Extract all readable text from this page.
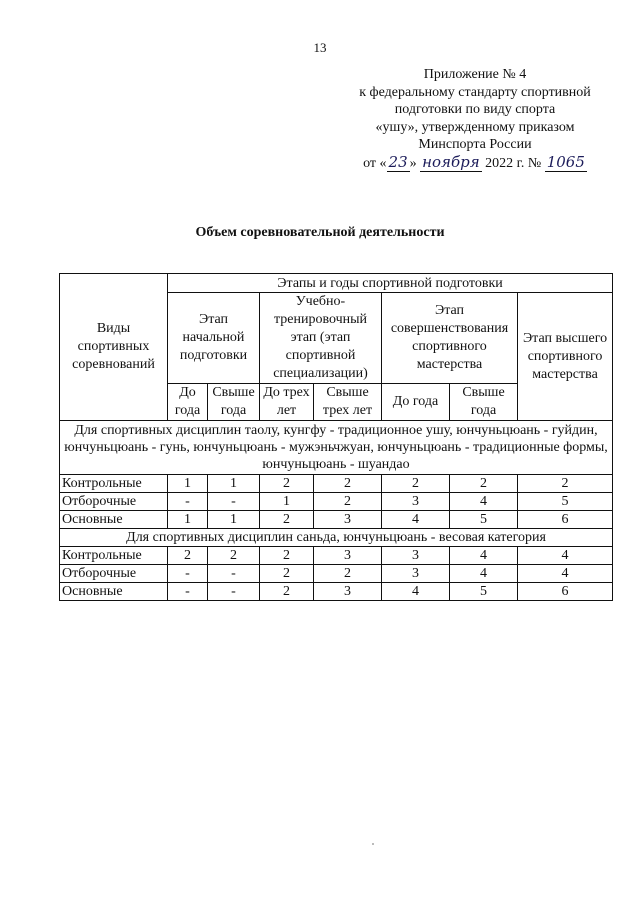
13
Приложение № 4
к федеральному стандарту спортивной
подготовки по виду спорта
«ушу», утвержденному приказом
Минспорта России
от « 23 » ноября 2022 г. № 1065
Объем соревновательной деятельности
Виды спортивных соревнований	Этапы и годы спортивной подготовки						
	Этап начальной подготовки		Учебно-тренировочный этап (этап спортивной специализации)		Этап совершенствования спортивного мастерства		Этап высшего спортивного мастерства
	До года	Свыше года	До трех лет	Свыше трех лет	До года	Свыше года	
Для спортивных дисциплин таолу, кунгфу - традиционное ушу, юнчуньцюань - гуйдин, юнчуньцюань - гунь, юнчуньцюань - мужэньчжуан, юнчуньцюань - традиционные формы, юнчуньцюань - шуандао							
Контрольные	1	1	2	2	2	2	2
Отборочные	-	-	1	2	3	4	5
Основные	1	1	2	3	4	5	6
Для спортивных дисциплин саньда, юнчуньцюань - весовая категория							
Контрольные	2	2	2	3	3	4	4
Отборочные	-	-	2	2	3	4	4
Основные	-	-	2	3	4	5	6
